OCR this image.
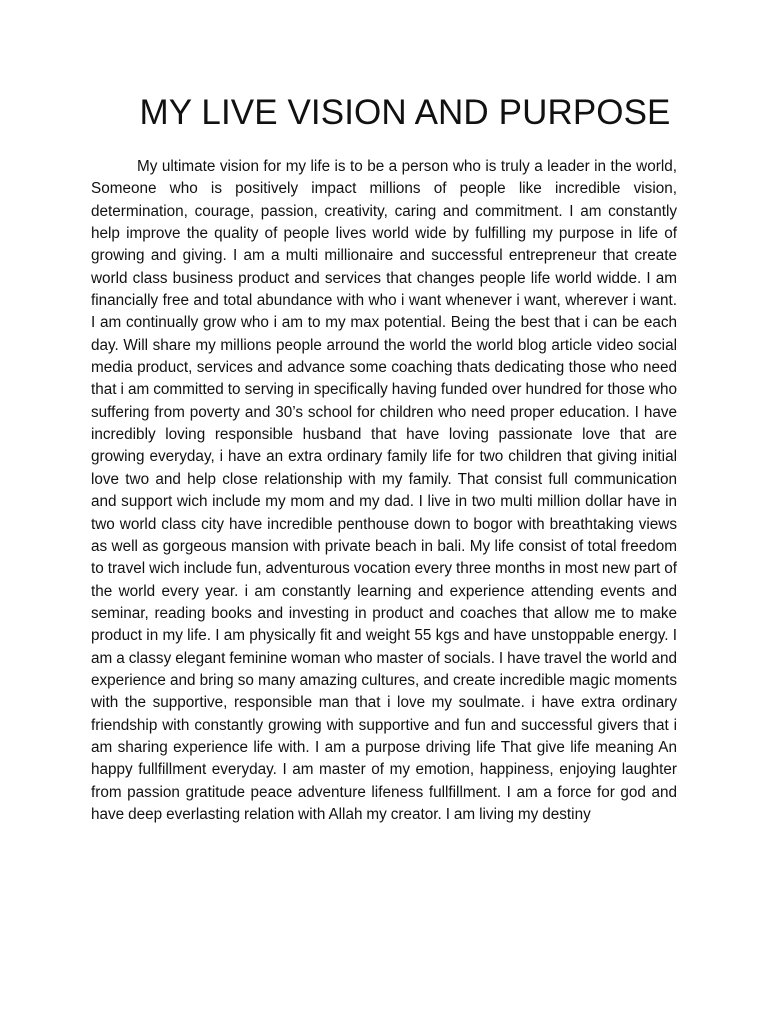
MY LIVE VISION AND PURPOSE

My ultimate vision for my life is to be a person who is truly a leader in the world, Someone who is positively impact millions of people like incredible vision, determination, courage, passion, creativity, caring and commitment. I am constantly help improve the quality of people lives world wide by fulfilling my purpose in life of growing and giving. I am a multi millionaire and successful entrepreneur that create world class business product and services that changes people life world widde. I am financially free and total abundance with who i want whenever i want, wherever i want. I am continually grow who i am to my max potential. Being the best that i can be each day. Will share my millions people arround the world the world blog article video social media product, services and advance some coaching thats dedicating those who need that i am committed to serving in specifically having funded over hundred for those who suffering from poverty and 30’s school for children who need proper education. I have incredibly loving responsible husband that have loving passionate love that are growing everyday, i have an extra ordinary family life for two children that giving initial love two and help close relationship with my family. That consist full communication and support wich include my mom and my dad. I live in two multi million dollar have in two world class city have incredible penthouse down to bogor with breathtaking views as well as gorgeous mansion with private beach in bali. My life consist of total freedom to travel wich include fun, adventurous vocation every three months in most new part of the world every year. i am constantly learning and experience attending events and seminar, reading books and investing in product and coaches that allow me to make product in my life. I am physically fit and weight 55 kgs and have unstoppable energy. I am a classy elegant feminine woman who master of socials. I have travel the world and experience and bring so many amazing cultures, and create incredible magic moments with the supportive, responsible man that i love my soulmate. i have extra ordinary friendship with constantly growing with supportive and fun and successful givers that i am sharing experience life with. I am a purpose driving life That give life meaning An happy fullfillment everyday. I am master of my emotion, happiness, enjoying laughter from passion gratitude peace adventure lifeness fullfillment. I am a force for god and have deep everlasting relation with Allah my creator. I am living my destiny
